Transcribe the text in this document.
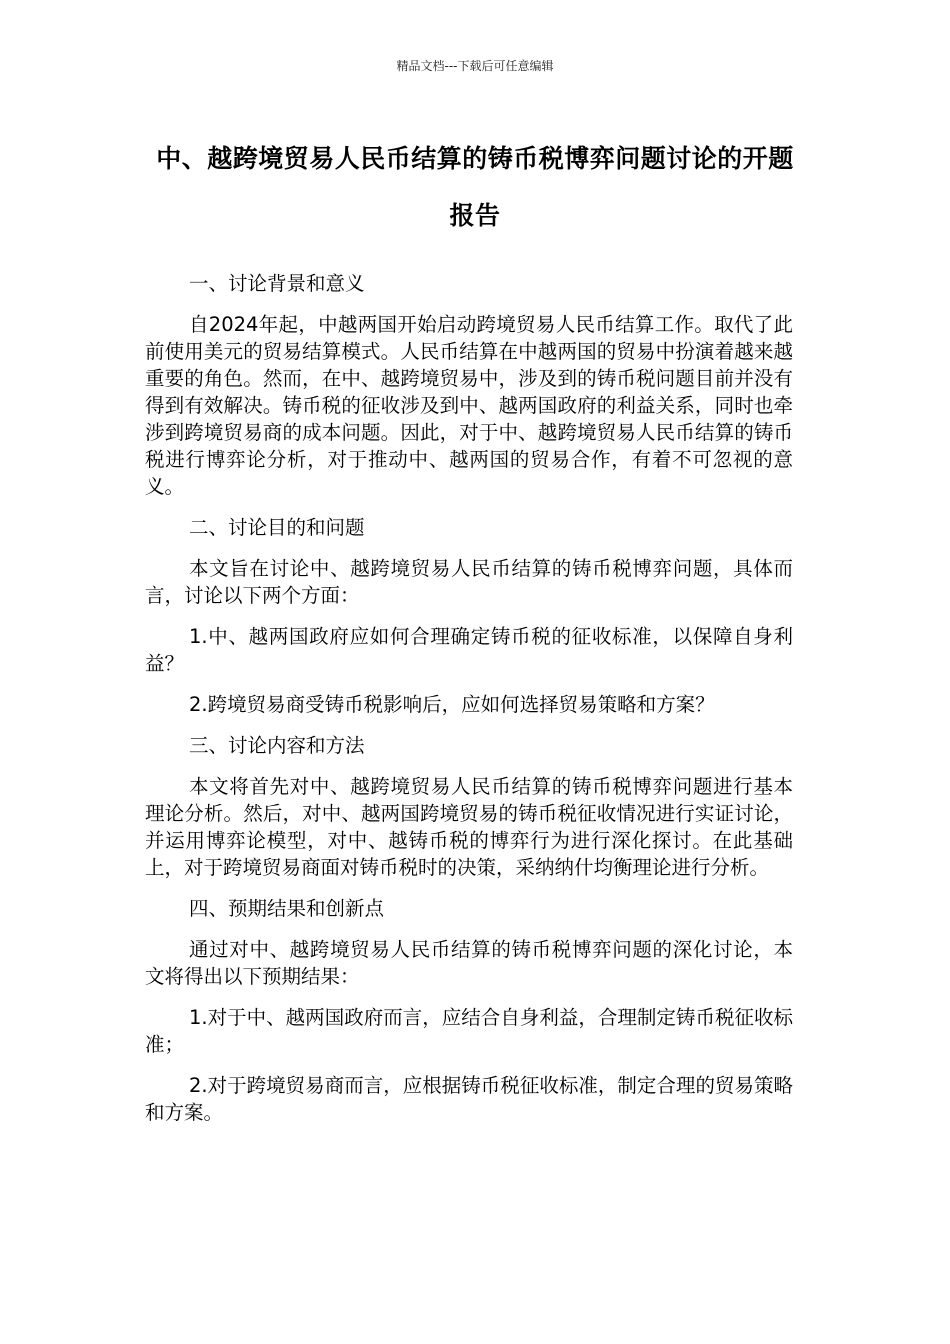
精品文档---下载后可任意编辑
中、越跨境贸易人民币结算的铸币税博弈问题讨论的开题报告

一、讨论背景和意义

自2024年起，中越两国开始启动跨境贸易人民币结算工作。取代了此前使用美元的贸易结算模式。人民币结算在中越两国的贸易中扮演着越来越重要的角色。然而，在中、越跨境贸易中，涉及到的铸币税问题目前并没有得到有效解决。铸币税的征收涉及到中、越两国政府的利益关系，同时也牵涉到跨境贸易商的成本问题。因此，对于中、越跨境贸易人民币结算的铸币税进行博弈论分析，对于推动中、越两国的贸易合作，有着不可忽视的意义。

二、讨论目的和问题

本文旨在讨论中、越跨境贸易人民币结算的铸币税博弈问题，具体而言，讨论以下两个方面：

1.中、越两国政府应如何合理确定铸币税的征收标准，以保障自身利益？

2.跨境贸易商受铸币税影响后，应如何选择贸易策略和方案？

三、讨论内容和方法

本文将首先对中、越跨境贸易人民币结算的铸币税博弈问题进行基本理论分析。然后，对中、越两国跨境贸易的铸币税征收情况进行实证讨论，并运用博弈论模型，对中、越铸币税的博弈行为进行深化探讨。在此基础上，对于跨境贸易商面对铸币税时的决策，采纳纳什均衡理论进行分析。

四、预期结果和创新点

通过对中、越跨境贸易人民币结算的铸币税博弈问题的深化讨论，本文将得出以下预期结果：

1.对于中、越两国政府而言，应结合自身利益，合理制定铸币税征收标准；

2.对于跨境贸易商而言，应根据铸币税征收标准，制定合理的贸易策略和方案。
